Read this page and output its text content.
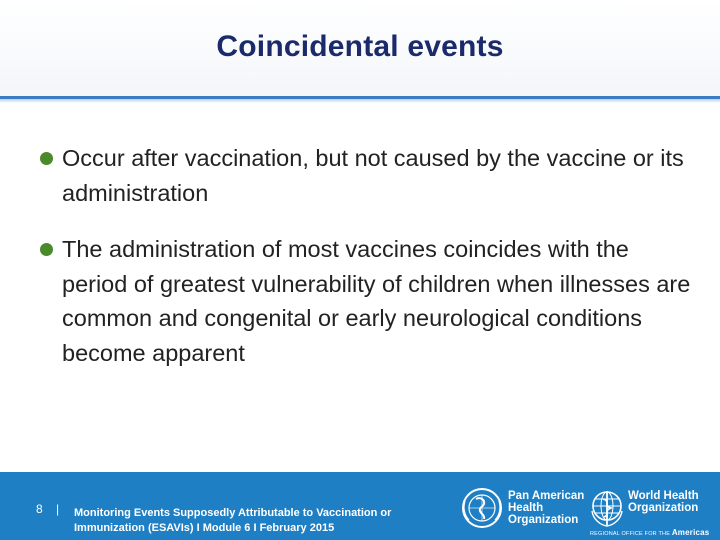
Coincidental events
Occur after vaccination, but not caused by the vaccine or its administration
The administration of most vaccines coincides with the period of greatest vulnerability of children when illnesses are common and congenital or early neurological conditions become apparent
8 | Monitoring Events Supposedly Attributable to Vaccination or Immunization (ESAVIs) I Module 6 I February 2015
Pan American Health Organization
World Health Organization
REGIONAL OFFICE FOR THE Americas
